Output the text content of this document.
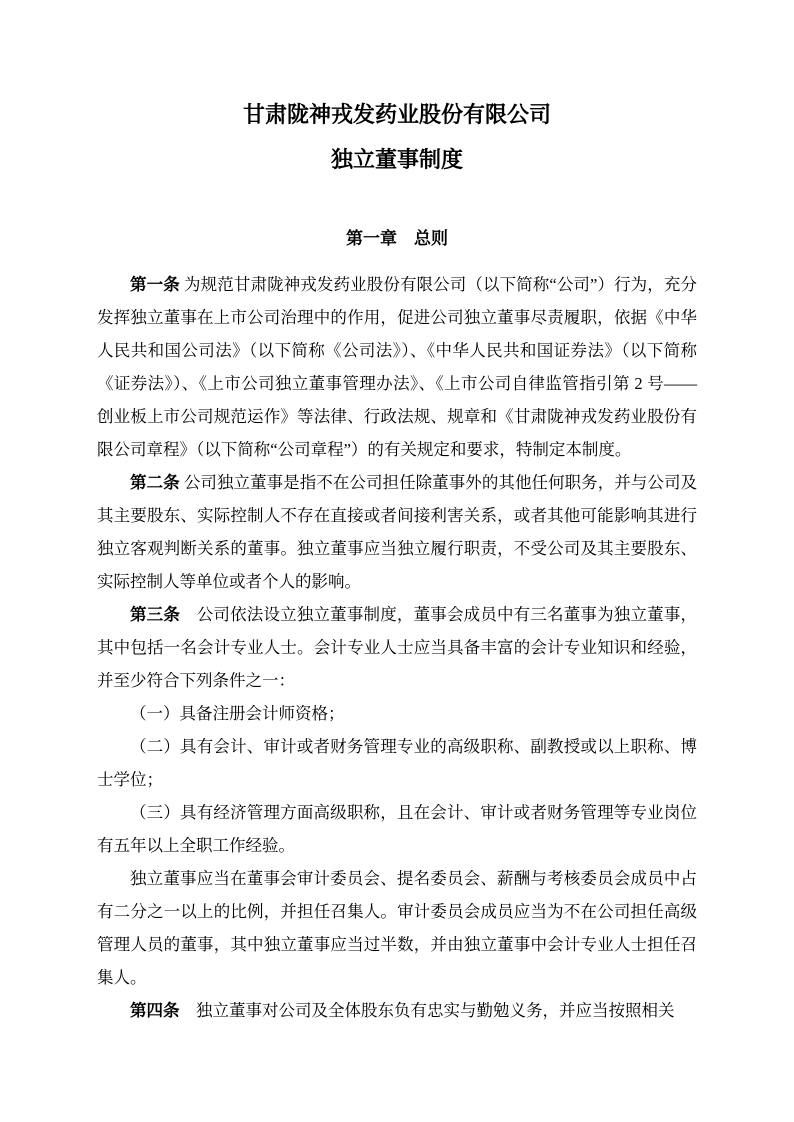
甘肃陇神戎发药业股份有限公司
独立董事制度
第一章　总则

第一条 为规范甘肃陇神戎发药业股份有限公司（以下简称“公司”）行为，充分发挥独立董事在上市公司治理中的作用，促进公司独立董事尽责履职，依据《中华人民共和国公司法》（以下简称《公司法》）、《中华人民共和国证券法》（以下简称《证券法》）、《上市公司独立董事管理办法》、《上市公司自律监管指引第 2 号——创业板上市公司规范运作》等法律、行政法规、规章和《甘肃陇神戎发药业股份有限公司章程》（以下简称“公司章程”）的有关规定和要求，特制定本制度。

第二条 公司独立董事是指不在公司担任除董事外的其他任何职务，并与公司及其主要股东、实际控制人不存在直接或者间接利害关系，或者其他可能影响其进行独立客观判断关系的董事。独立董事应当独立履行职责，不受公司及其主要股东、实际控制人等单位或者个人的影响。

第三条　公司依法设立独立董事制度，董事会成员中有三名董事为独立董事，其中包括一名会计专业人士。会计专业人士应当具备丰富的会计专业知识和经验，并至少符合下列条件之一：

（一）具备注册会计师资格；

（二）具有会计、审计或者财务管理专业的高级职称、副教授或以上职称、博士学位；

（三）具有经济管理方面高级职称，且在会计、审计或者财务管理等专业岗位有五年以上全职工作经验。

独立董事应当在董事会审计委员会、提名委员会、薪酬与考核委员会成员中占有二分之一以上的比例，并担任召集人。审计委员会成员应当为不在公司担任高级管理人员的董事，其中独立董事应当过半数，并由独立董事中会计专业人士担任召集人。

第四条　独立董事对公司及全体股东负有忠实与勤勉义务，并应当按照相关
